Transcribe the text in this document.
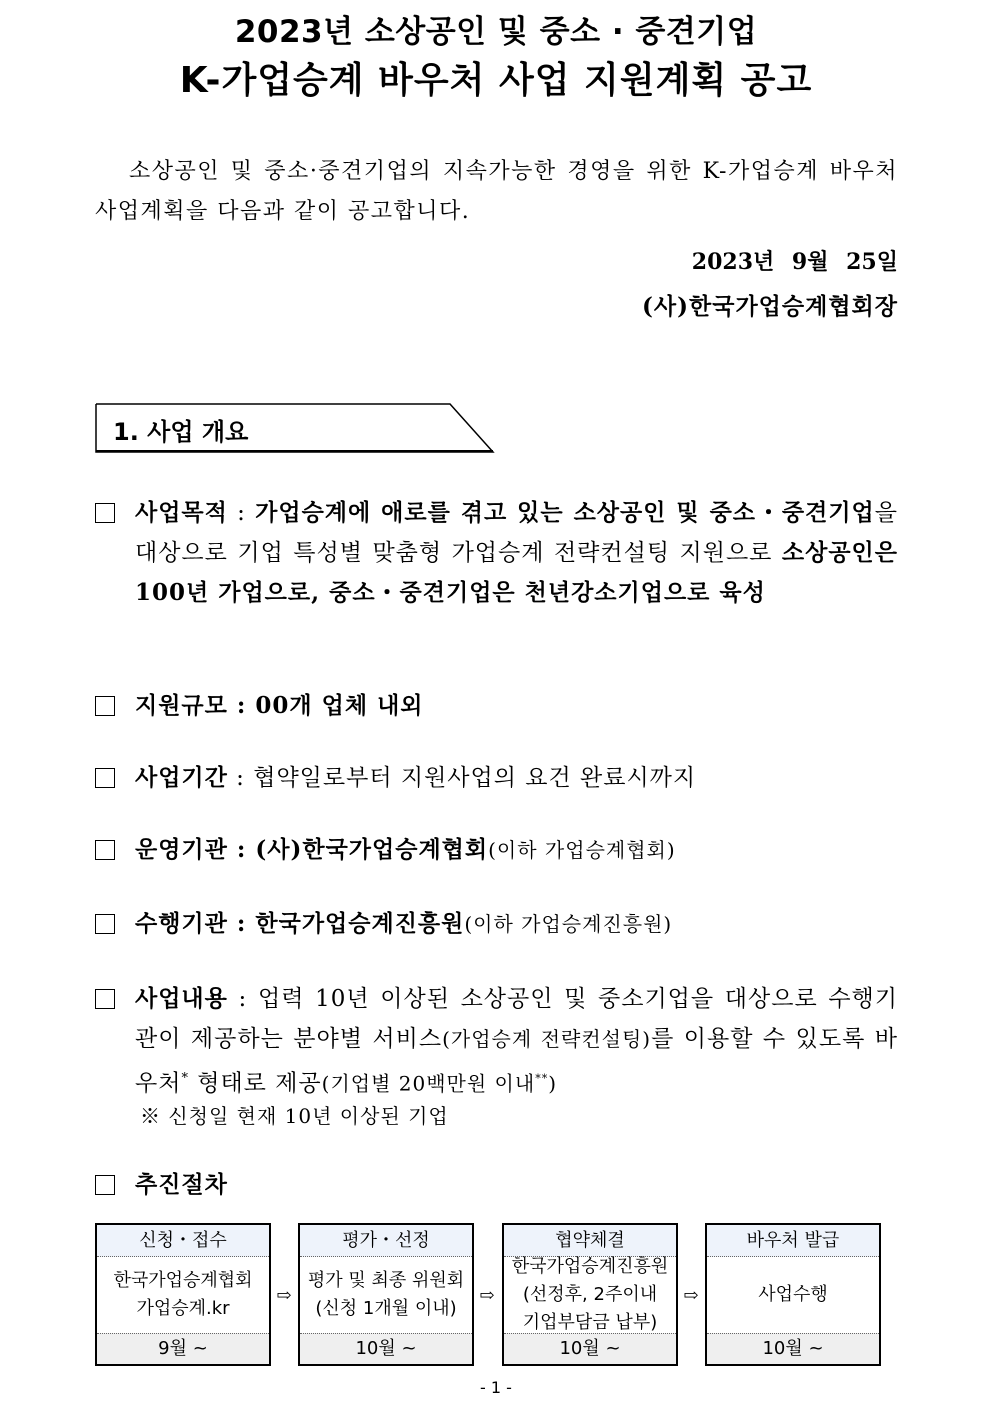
2023년 소상공인 및 중소 · 중견기업
K-가업승계 바우처 사업 지원계획 공고
소상공인 및 중소·중견기업의 지속가능한 경영을 위한 K-가업승계 바우처 사업계획을 다음과 같이 공고합니다.
2023년 9월 25일
(사)한국가업승계협회장
1. 사업 개요
사업목적 : 가업승계에 애로를 겪고 있는 소상공인 및 중소・중견기업을 대상으로 기업 특성별 맞춤형 가업승계 전략컨설팅 지원으로 소상공인은 100년 가업으로, 중소・중견기업은 천년강소기업으로 육성
지원규모 : 00개 업체 내외
사업기간 : 협약일로부터 지원사업의 요건 완료시까지
운영기관 : (사)한국가업승계협회(이하 가업승계협회)
수행기관 : 한국가업승계진흥원(이하 가업승계진흥원)
사업내용 : 업력 10년 이상된 소상공인 및 중소기업을 대상으로 수행기관이 제공하는 분야별 서비스(가업승계 전략컨설팅)를 이용할 수 있도록 바우처* 형태로 제공(기업별 20백만원 이내**)
※ 신청일 현재 10년 이상된 기업
추진절차
신청・접수
한국가업승계협회
가업승계.kr
9월 ~
⇨
평가・선정
평가 및 최종 위원회
(신청 1개월 이내)
10월 ~
⇨
협약체결
한국가업승계진흥원
(선정후, 2주이내
기업부담금 납부)
10월 ~
⇨
바우처 발급
사업수행
10월 ~
- 1 -
